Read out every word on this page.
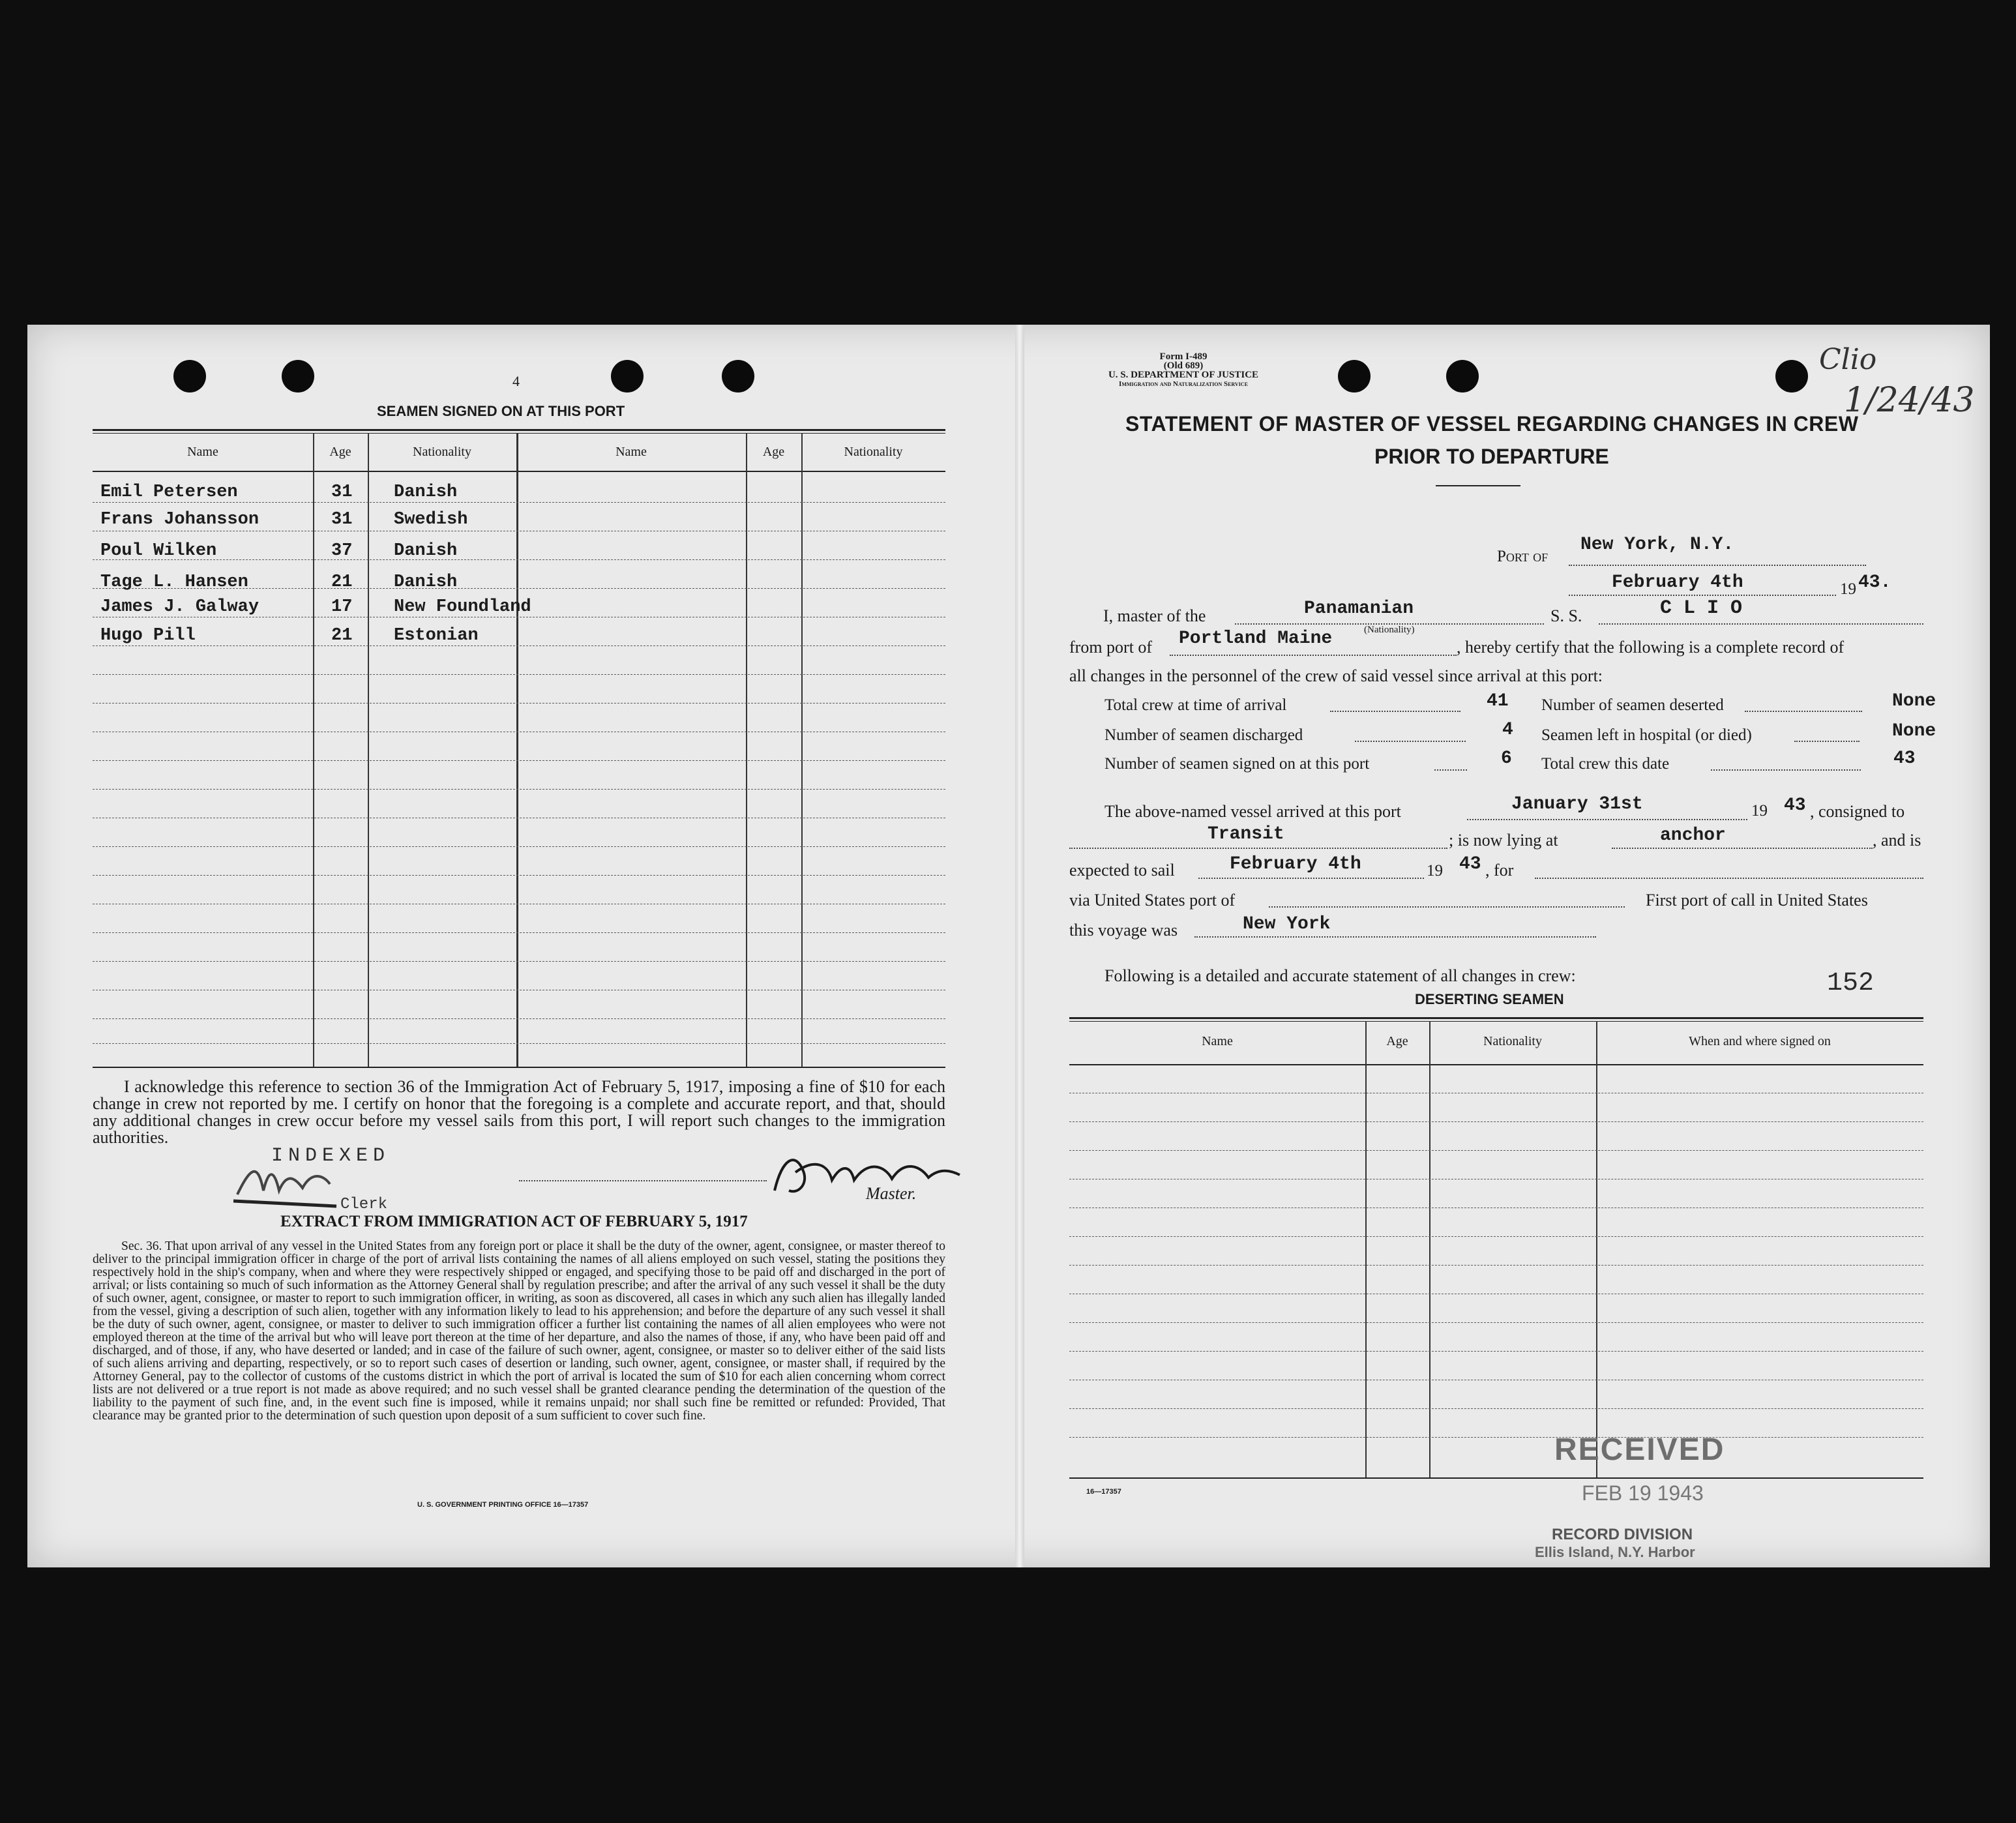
4
SEAMEN SIGNED ON AT THIS PORT
Name	Age	Nationality	Name	Age	Nationality
Emil Petersen	31 Danish
Frans Johansson	31 Swedish
Poul Wilken	37 Danish
Tage L. Hansen	21 Danish
James J. Galway	17 New Foundland
Hugo Pill	21 Estonian
I acknowledge this reference to section 36 of the Immigration Act of February 5, 1917, imposing a fine of $10 for each change in crew not reported by me. I certify on honor that the foregoing is a complete and accurate report, and that, should any additional changes in crew occur before my vessel sails from this port, I will report such changes to the immigration authorities.
INDEXED
Clerk
Master.
EXTRACT FROM IMMIGRATION ACT OF FEBRUARY 5, 1917
Sec. 36. That upon arrival of any vessel in the United States from any foreign port or place it shall be the duty of the owner, agent, consignee, or master thereof to deliver to the principal immigration officer in charge of the port of arrival lists containing the names of all aliens employed on such vessel, stating the positions they respectively hold in the ship's company, when and where they were respectively shipped or engaged, and specifying those to be paid off and discharged in the port of arrival; or lists containing so much of such information as the Attorney General shall by regulation prescribe; and after the arrival of any such vessel it shall be the duty of such owner, agent, consignee, or master to report to such immigration officer, in writing, as soon as discovered, all cases in which any such alien has illegally landed from the vessel, giving a description of such alien, together with any information likely to lead to his apprehension; and before the departure of any such vessel it shall be the duty of such owner, agent, consignee, or master to deliver to such immigration officer a further list containing the names of all alien employees who were not employed thereon at the time of the arrival but who will leave port thereon at the time of her departure, and also the names of those, if any, who have been paid off and discharged, and of those, if any, who have deserted or landed; and in case of the failure of such owner, agent, consignee, or master so to deliver either of the said lists of such aliens arriving and departing, respectively, or so to report such cases of desertion or landing, such owner, agent, consignee, or master shall, if required by the Attorney General, pay to the collector of customs of the customs district in which the port of arrival is located the sum of $10 for each alien concerning whom correct lists are not delivered or a true report is not made as above required; and no such vessel shall be granted clearance pending the determination of the question of the liability to the payment of such fine, and, in the event such fine is imposed, while it remains unpaid; nor shall such fine be remitted or refunded: Provided, That clearance may be granted prior to the determination of such question upon deposit of a sum sufficient to cover such fine.
U. S. GOVERNMENT PRINTING OFFICE 16—17357
Form I-489
(Old 689)
U. S. DEPARTMENT OF JUSTICE
Immigration and Naturalization Service
STATEMENT OF MASTER OF VESSEL REGARDING CHANGES IN CREW
PRIOR TO DEPARTURE
Clio
1/24/43
Port of
New York, N.Y.
February 4th	19 43.
I, master of the	Panamanian	S. S.	C L I O
from port of Portland Maine	(Nationality)
, hereby certify that the following is a complete record of
all changes in the personnel of the crew of said vessel since arrival at this port:
Total crew at time of arrival	41 Number of seamen deserted	None
Number of seamen discharged	4 Seamen left in hospital (or died)	None
Number of seamen signed on at this port	6 Total crew this date	43
The above-named vessel arrived at this port	January 31st	19 43 , consigned to
Transit	; is now lying at	anchor	, and is
expected to sail	February 4th	19 43 , for
via United States port of	First port of call in United States
this voyage was	New York
Following is a detailed and accurate statement of all changes in crew:	152
DESERTING SEAMEN
Name	Age	Nationality	When and where signed on
16—17357
RECEIVED
FEB 19 1943
RECORD DIVISION
Ellis Island, N.Y. Harbor
